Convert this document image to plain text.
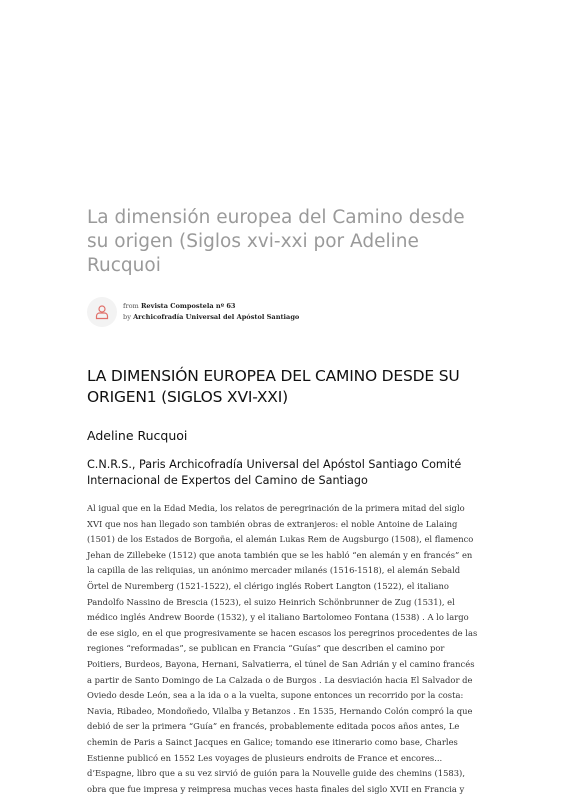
La dimensión europea del Camino desde su origen (Siglos xvi-xxi por Adeline Rucquoi
from Revista Compostela nº 63
by Archicofradía Universal del Apóstol Santiago
LA DIMENSIÓN EUROPEA DEL CAMINO DESDE SU ORIGEN1 (SIGLOS XVI-XXI)
Adeline Rucquoi
C.N.R.S., Paris Archicofradía Universal del Apóstol Santiago Comité Internacional de Expertos del Camino de Santiago

Al igual que en la Edad Media, los relatos de peregrinación de la primera mitad del siglo XVI que nos han llegado son también obras de extranjeros: el noble Antoine de Lalaing (1501) de los Estados de Borgoña, el alemán Lukas Rem de Augsburgo (1508), el flamenco Jehan de Zillebeke (1512) que anota también que se les habló “en alemán y en francés” en la capilla de las reliquias, un anónimo mercader milanés (1516-1518), el alemán Sebald Örtel de Nuremberg (1521-1522), el clérigo inglés Robert Langton (1522), el italiano Pandolfo Nassino de Brescia (1523), el suizo Heinrich Schönbrunner de Zug (1531), el médico inglés Andrew Boorde (1532), y el italiano Bartolomeo Fontana (1538) . A lo largo de ese siglo, en el que progresivamente se hacen escasos los peregrinos procedentes de las regiones “reformadas”, se publican en Francia “Guías” que describen el camino por Poitiers, Burdeos, Bayona, Hernani, Salvatierra, el túnel de San Adrián y el camino francés a partir de Santo Domingo de La Calzada o de Burgos . La desviación hacia El Salvador de Oviedo desde León, sea a la ida o a la vuelta, supone entonces un recorrido por la costa: Navia, Ribadeo, Mondoñedo, Vilalba y Betanzos . En 1535, Hernando Colón compró la que debió de ser la primera “Guía” en francés, probablemente editada pocos años antes, Le chemin de Paris a Sainct Jacques en Galice; tomando ese itinerario como base, Charles Estienne publicó en 1552 Les voyages de plusieurs endroits de France et encores... d’Espagne, libro que a su vez sirvió de guión para la Nouvelle guide des chemins (1583), obra que fue impresa y reimpresa muchas veces hasta finales del siglo XVII en Francia y
